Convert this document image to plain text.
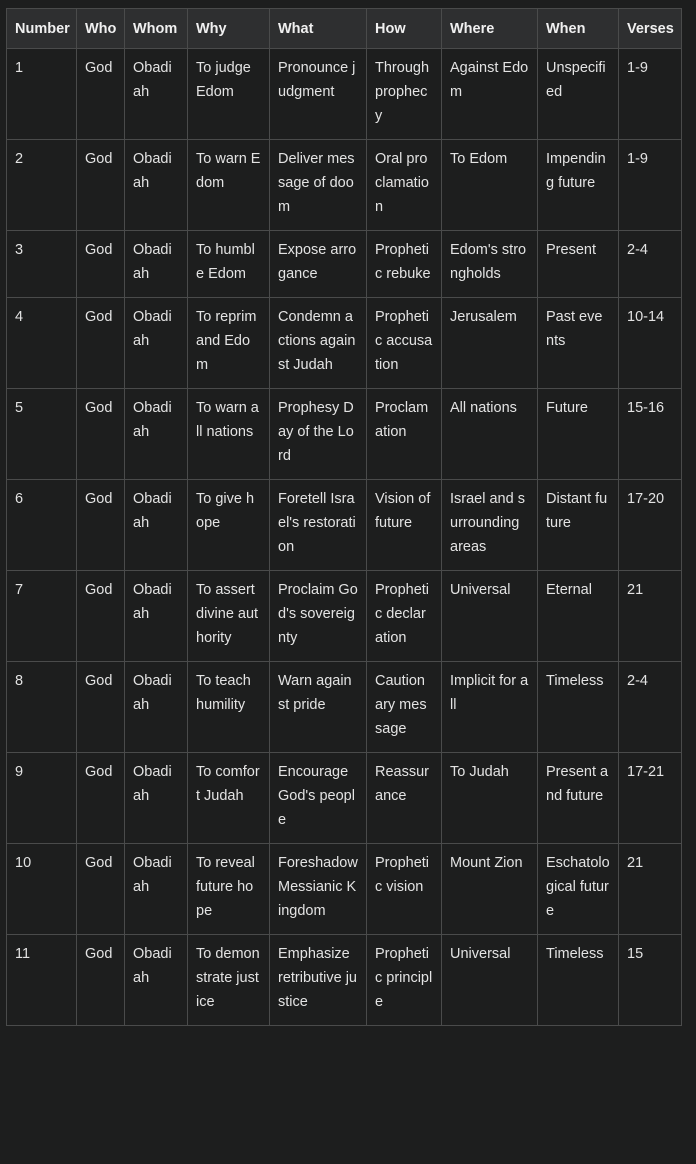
Number	Who	Whom	Why	What	How	Where	When	Verses
1	God	Obadiah	To judge Edom	Pronounce judgment	Through prophecy	Against Edom	Unspecified	1-9
2	God	Obadiah	To warn Edom	Deliver message of doom	Oral proclamation	To Edom	Impending future	1-9
3	God	Obadiah	To humble Edom	Expose arrogance	Prophetic rebuke	Edom's strongholds	Present	2-4
4	God	Obadiah	To reprimand Edom	Condemn actions against Judah	Prophetic accusation	Jerusalem	Past events	10-14
5	God	Obadiah	To warn all nations	Prophesy Day of the Lord	Proclamation	All nations	Future	15-16
6	God	Obadiah	To give hope	Foretell Israel's restoration	Vision of future	Israel and surrounding areas	Distant future	17-20
7	God	Obadiah	To assert divine authority	Proclaim God's sovereignty	Prophetic declaration	Universal	Eternal	21
8	God	Obadiah	To teach humility	Warn against pride	Cautionary message	Implicit for all	Timeless	2-4
9	God	Obadiah	To comfort Judah	Encourage God's people	Reassurance	To Judah	Present and future	17-21
10	God	Obadiah	To reveal future hope	Foreshadow Messianic Kingdom	Prophetic vision	Mount Zion	Eschatological future	21
11	God	Obadiah	To demonstrate justice	Emphasize retributive justice	Prophetic principle	Universal	Timeless	15
